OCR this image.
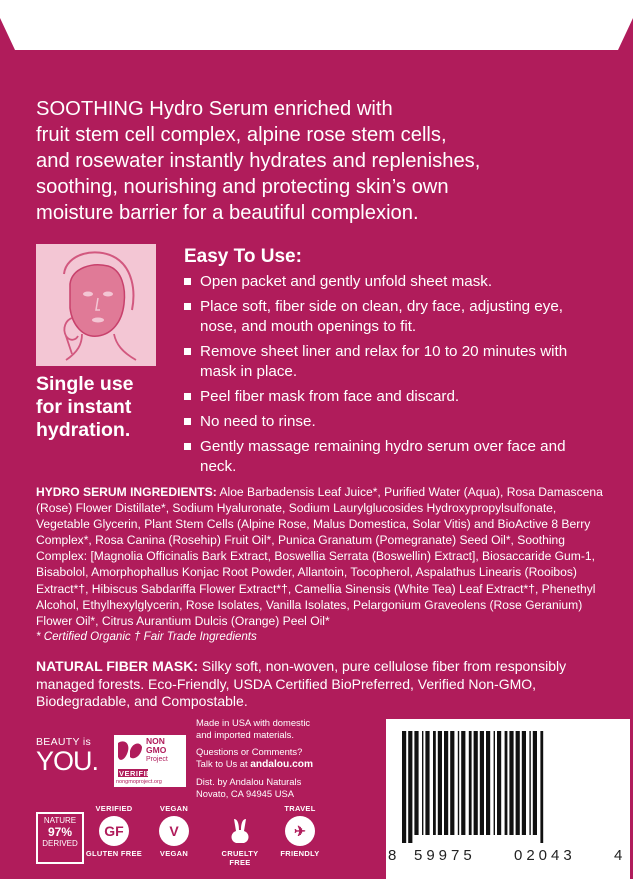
SOOTHING Hydro Serum enriched with
fruit stem cell complex, alpine rose stem cells,
and rosewater instantly hydrates and replenishes,
soothing, nourishing and protecting skin’s own
moisture barrier for a beautiful complexion.

Single use
for instant
hydration.
Easy To Use:
Open packet and gently unfold sheet mask.
Place soft, fiber side on clean, dry face, adjusting eye, nose, and mouth openings to fit.
Remove sheet liner and relax for 10 to 20 minutes with mask in place.
Peel fiber mask from face and discard.
No need to rinse.
Gently massage remaining hydro serum over face and neck.

HYDRO SERUM INGREDIENTS: Aloe Barbadensis Leaf Juice*, Purified Water (Aqua), Rosa Damascena (Rose) Flower Distillate*, Sodium Hyaluronate, Sodium Laurylglucosides Hydroxypropylsulfonate, Vegetable Glycerin, Plant Stem Cells (Alpine Rose, Malus Domestica, Solar Vitis) and BioActive 8 Berry Complex*, Rosa Canina (Rosehip) Fruit Oil*, Punica Granatum (Pomegranate) Seed Oil*, Soothing Complex: [Magnolia Officinalis Bark Extract, Boswellia Serrata (Boswellin) Extract], Biosaccaride Gum-1, Bisabolol, Amorphophallus Konjac Root Powder, Allantoin, Tocopherol, Aspalathus Linearis (Rooibos) Extract*†, Hibiscus Sabdariffa Flower Extract*†, Camellia Sinensis (White Tea) Leaf Extract*†, Phenethyl Alcohol, Ethylhexylglycerin, Rose Isolates, Vanilla Isolates, Pelargonium Graveolens (Rose Geranium) Flower Oil*, Citrus Aurantium Dulcis (Orange) Peel Oil*

* Certified Organic † Fair Trade Ingredients

NATURAL FIBER MASK: Silky soft, non-woven, pure cellulose fiber from responsibly managed forests. Eco-Friendly, USDA Certified BioPreferred, Verified Non-GMO, Biodegradable, and Compostable.

BEAUTY is
YOU.
NON
GMO
Project
VERIFIED
nongmoproject.org

Made in USA with domestic
and imported materials.

Questions or Comments?
Talk to Us at andalou.com

Dist. by Andalou Naturals
Novato, CA 94945 USA

8 59975	02043	4
NATURE
97%
DERIVED
VERIFIED
GF
GLUTEN FREE
VEGAN
V
VEGAN
	CRUELTY FREE
TRAVEL
✈
FRIENDLY
